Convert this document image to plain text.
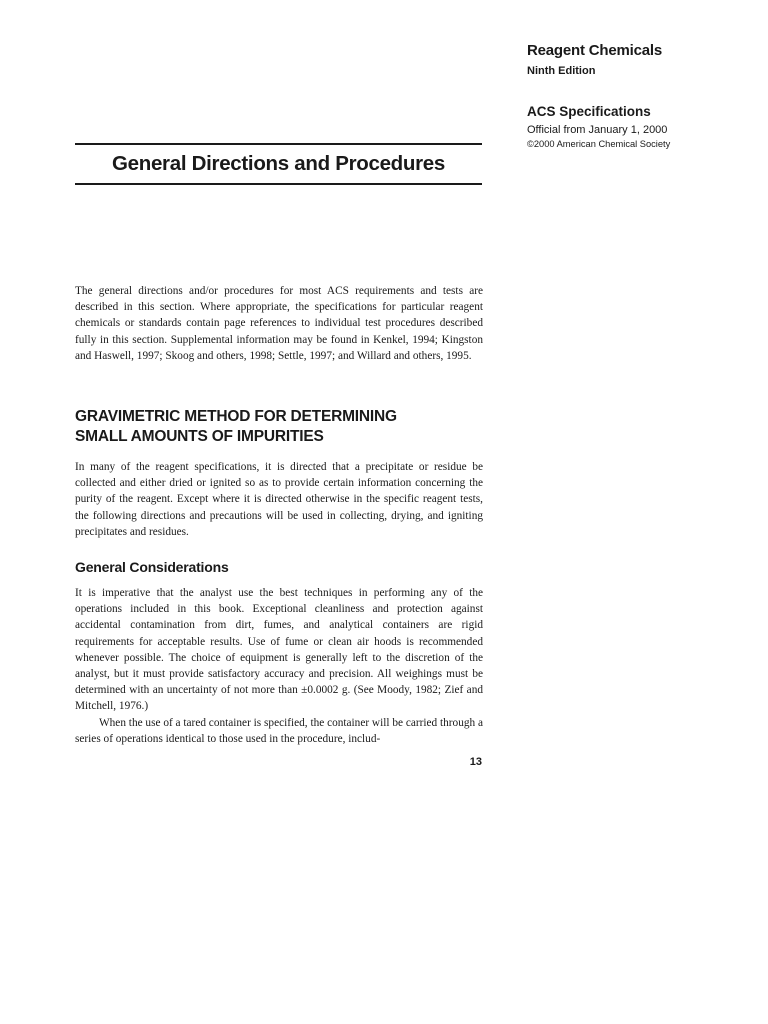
Reagent Chemicals
Ninth Edition
ACS Specifications
Official from January 1, 2000
©2000 American Chemical Society
General Directions and Procedures

The general directions and/or procedures for most ACS requirements and tests are described in this section. Where appropriate, the specifications for particular reagent chemicals or standards contain page references to individual test procedures described fully in this section. Supplemental information may be found in Kenkel, 1994; Kingston and Haswell, 1997; Skoog and others, 1998; Settle, 1997; and Willard and others, 1995.

GRAVIMETRIC METHOD FOR DETERMINING
SMALL AMOUNTS OF IMPURITIES

In many of the reagent specifications, it is directed that a precipitate or residue be collected and either dried or ignited so as to provide certain information concerning the purity of the reagent. Except where it is directed otherwise in the specific reagent tests, the following directions and precautions will be used in collecting, drying, and igniting precipitates and residues.

General Considerations

It is imperative that the analyst use the best techniques in performing any of the operations included in this book. Exceptional cleanliness and protection against accidental contamination from dirt, fumes, and analytical containers are rigid requirements for acceptable results. Use of fume or clean air hoods is recommended whenever possible. The choice of equipment is generally left to the discretion of the analyst, but it must provide satisfactory accuracy and precision. All weighings must be determined with an uncertainty of not more than ±0.0002 g. (See Moody, 1982; Zief and Mitchell, 1976.)

When the use of a tared container is specified, the container will be carried through a series of operations identical to those used in the procedure, includ-

13
